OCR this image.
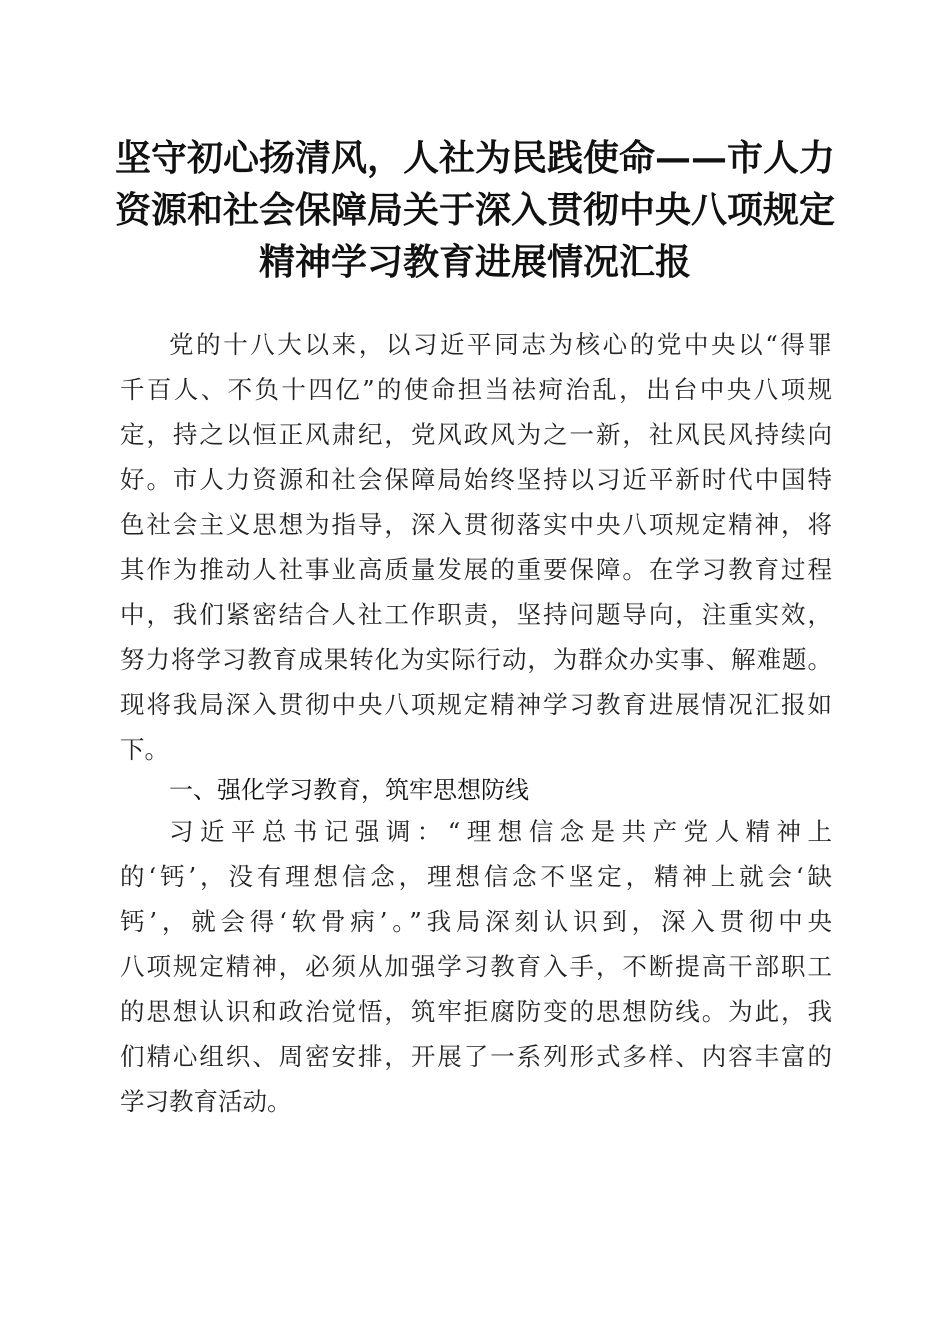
坚守初心扬清风，人社为民践使命——市人力
资源和社会保障局关于深入贯彻中央八项规定
精神学习教育进展情况汇报
党的十八大以来，以习近平同志为核心的党中央以“得罪
千百人、不负十四亿”的使命担当祛疴治乱，出台中央八项规
定，持之以恒正风肃纪，党风政风为之一新，社风民风持续向
好。市人力资源和社会保障局始终坚持以习近平新时代中国特
色社会主义思想为指导，深入贯彻落实中央八项规定精神，将
其作为推动人社事业高质量发展的重要保障。在学习教育过程
中，我们紧密结合人社工作职责，坚持问题导向，注重实效，
努力将学习教育成果转化为实际行动，为群众办实事、解难题。
现将我局深入贯彻中央八项规定精神学习教育进展情况汇报如
下。
一、强化学习教育，筑牢思想防线
习近平总书记强调：“理想信念是共产党人精神上
的‘钙’，没有理想信念，理想信念不坚定，精神上就会‘缺
钙’，就会得‘软骨病’。”我局深刻认识到，深入贯彻中央
八项规定精神，必须从加强学习教育入手，不断提高干部职工
的思想认识和政治觉悟，筑牢拒腐防变的思想防线。为此，我
们精心组织、周密安排，开展了一系列形式多样、内容丰富的
学习教育活动。
